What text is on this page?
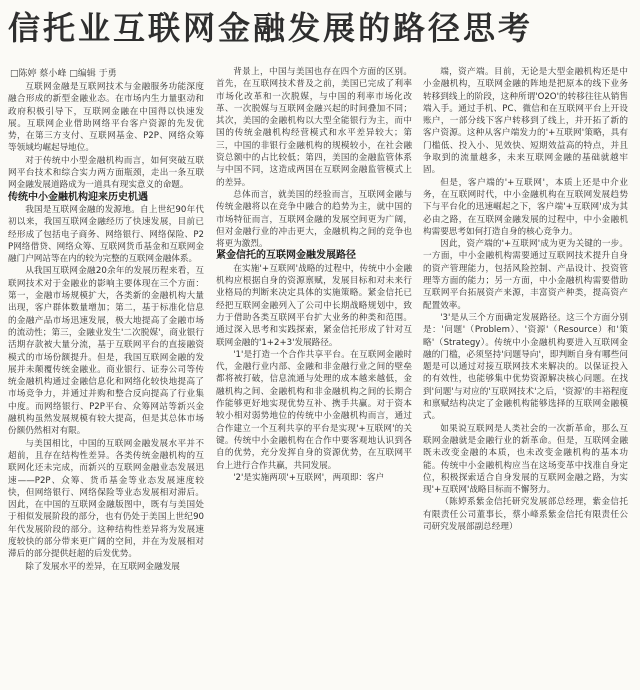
信托业互联网金融发展的路径思考
□陈婷 蔡小峰 □编辑 于勇

互联网金融是互联网技术与金融服务功能深度融合形成的新型金融业态。在市场内生力量驱动和政府积极引导下，互联网金融在中国得以快速发展。互联网企业借助网络平台客户资源的先发优势，在第三方支付、互联网基金、P2P、网络众筹等领域均崛起导地位。

对于传统中小型金融机构而言，如何突破互联网平台技术和综合实力两方面瓶颈，走出一条互联网金融发展道路成为一道具有现实意义的命题。

传统中小金融机构迎来历史机遇

我国是互联网金融的发源地。自上世纪90年代初以来，我国互联网金融经历了快速发展，目前已经形成了包括电子商务、网络银行、网络保险、P2P网络借贷、网络众筹、互联网货币基金和互联网金融门户网站等在内的较为完整的互联网金融体系。

从我国互联网金融20余年的发展历程来看，互联网技术对于金融业的影响主要体现在三个方面：第一，金融市场规模扩大，各类新的金融机构大量出现，客户群体数量增加；第二，基于标准化信息的金融产品市场迅速发展，极大地提高了金融市场的流动性；第三，金融业发生'二次脱媒'，商业银行活期存款被大量分流，基于互联网平台的直接融资模式的市场份额提升。但是，我国互联网金融的发展并未颠覆传统金融业。商业银行、证券公司等传统金融机构通过金融信息化和网络化较快地提高了市场竞争力，并通过并购和整合反向提高了行业集中度。而网络银行、P2P平台、众筹网站等新兴金融机构虽然发展规模有较大提高，但是其总体市场份额仍然相对有限。

与美国相比，中国的互联网金融发展水平并不超前，且存在结构性差异。各类传统金融机构的互联网化还未完成，而新兴的互联网金融业态发展迅速——P2P、众筹、货币基金等业态发展速度较快，但网络银行、网络保险等业态发展相对滞后。因此，在中国的互联网金融版图中，既有与美国处于相似发展阶段的部分，也有仍处于美国上世纪90年代发展阶段的部分。这种结构性差异将为发展速度较快的部分带来更广阔的空间，并在为发展相对滞后的部分提供赶超的后发优势。

除了发展水平的差异，在互联网金融发展

背景上，中国与美国也存在四个方面的区别。首先，在互联网技术普及之前，美国已完成了利率市场化改革和一次脱媒，与中国的利率市场化改革、一次脱媒与互联网金融兴起的时间叠加不同；其次，美国的金融机构以大型全能银行为主，而中国的传统金融机构经营模式和水平差异较大；第三，中国的非银行金融机构的规模较小，在社会融资总额中的占比较低；第四，美国的金融监管体系与中国不同，这造成两国在互联网金融监管模式上的差异。

总体而言，就美国的经验而言，互联网金融与传统金融将以在竞争中融合的趋势为主，就中国的市场特征而言，互联网金融的发展空间更为广阔，但对金融行业的冲击更大，金融机构之间的竞争也将更为激烈。

紧金信托的互联网金融发展路径

在实施'+互联网'战略的过程中，传统中小金融机构应根据自身的资源禀赋，发展目标和对未来行业格局的判断来决定具体的实施策略。紧金信托已经把互联网金融列入了公司中长期战略规划中，致力于借助各类互联网平台扩大业务的种类和范围。通过深入思考和实践探索，紧金信托形成了针对互联网金融的'1+2+3'发展路径。

'1'是打造一个合作共享平台。在互联网金融时代，金融行业内部、金融和非金融行业之间的壁垒都将被打破，信息流通与处理的成本越来越低，金融机构之间、金融机构和非金融机构之间的长期合作能够更好地实现优势互补、携手共赢。对于资本较小相对弱势地位的传统中小金融机构而言，通过合作建立一个互利共享的平台是实现'+互联网'的关键。传统中小金融机构在合作中要客观地认识到各自的优势，充分发挥自身的资源优势，在互联网平台上进行合作共赢，共同发展。

'2'是实施两项'+互联网'，两项即：客户

端，资产端。目前，无论是大型金融机构还是中小金融机构，互联网金融的阵地是把原本的线下业务转移到线上的阶段，这种所谓'O2O'的转移往往从销售端入手。通过手机、PC、微信和在互联网平台上开设账户，一部分线下客户转移到了线上，并开拓了新的客户资源。这种从客户端发力的'+互联网'策略，具有门槛低、投入小、见效快、短期效益高的特点，并且争取到的流量越多，未来互联网金融的基础就越牢固。

但是，客户端的'+互联网'，本质上还是中介业务，在互联网时代，中小金融机构在互联网发展趋势下与平台化的迅速崛起之下，客户端'+互联网'成为其必由之路，在互联网金融发展的过程中，中小金融机构需要思考如何打造自身的核心竞争力。

因此，资产端的'+互联网'成为更为关键的一步。一方面，中小金融机构需要通过互联网技术提升自身的资产管理能力，包括风险控制、产品设计、投资管理等方面的能力；另一方面，中小金融机构需要借助互联网平台拓展资产来源，丰富资产种类，提高资产配置效率。

'3'是从三个方面确定发展路径。这三个方面分别是：'问题'（Problem）、'资源'（Resource）和'策略'（Strategy）。传统中小金融机构要进入互联网金融的门槛，必须坚持'问题导向'，即判断自身有哪些问题是可以通过对接互联网技术来解决的。以保证投入的有效性，也能够集中优势资源解决核心问题。在找到'问题'与对应的'互联网技术'之后，'资源'的丰裕程度和禀赋结构决定了金融机构能够选择的互联网金融模式。

如果说互联网是人类社会的一次新革命，那么互联网金融就是金融行业的新革命。但是，互联网金融既未改变金融的本质，也未改变金融机构的基本功能。传统中小金融机构应当在这场变革中找准自身定位，积极探索适合自身发展的互联网金融之路，为实现'+互联网'战略目标而不懈努力。

（陈婷系紫金信托研究发展部总经理，紫金信托有限责任公司董事长，蔡小峰系紫金信托有限责任公司研究发展部副总经理）
